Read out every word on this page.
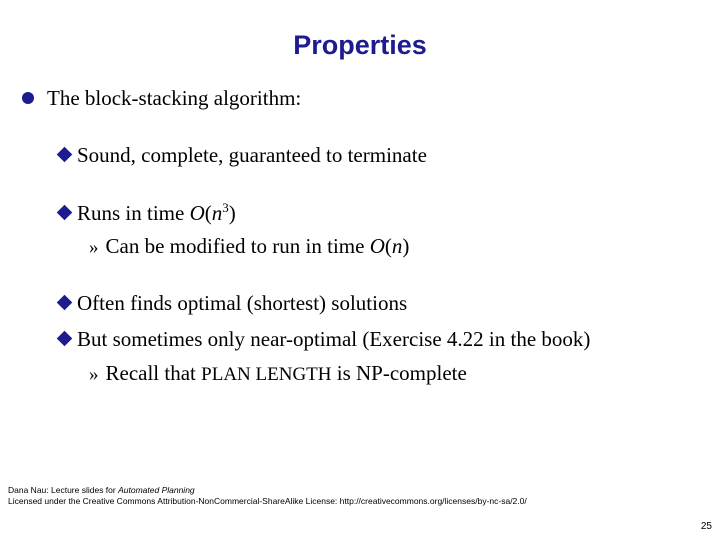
Properties
The block-stacking algorithm:
Sound, complete, guaranteed to terminate
Runs in time $O(n^3)$
» Can be modified to run in time O(n)
Often finds optimal (shortest) solutions
But sometimes only near-optimal (Exercise 4.22 in the book)
» Recall that PLAN LENGTH is NP-complete
Dana Nau: Lecture slides for Automated Planning
Licensed under the Creative Commons Attribution-NonCommercial-ShareAlike License: http://creativecommons.org/licenses/by-nc-sa/2.0/
25
